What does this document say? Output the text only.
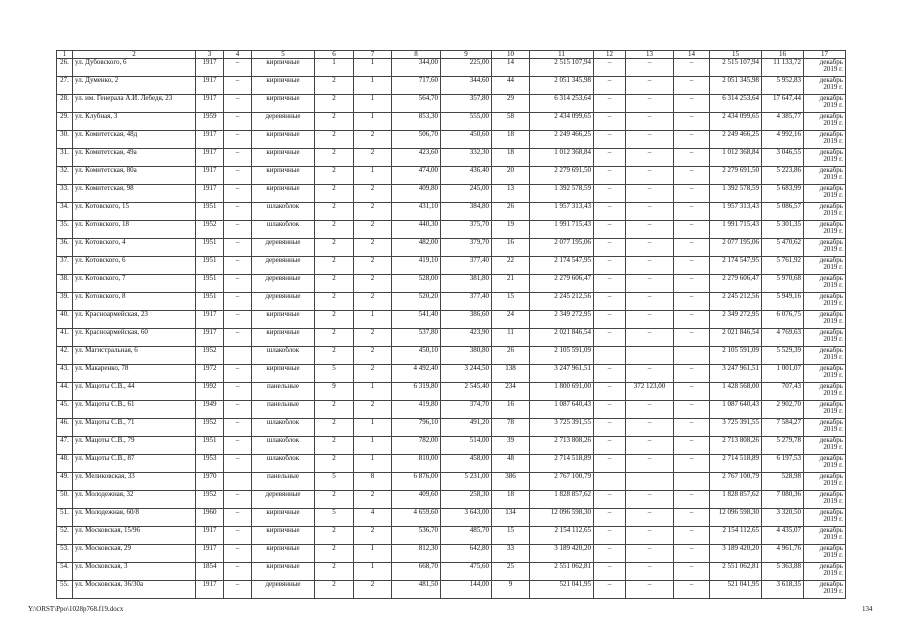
1	2	3	4	5	6	7	8	9	10	11	12	13	14	15	16	17
26.	ул. Дубовского, 6	1917	–	кирпичные	1	1	344,00	225,00	14	2 515 107,94	–	–	–	2 515 107,94	11 133,72	декабрь 2019 г.
27.	ул. Думенко, 2	1917	–	кирпичные	2	1	717,60	344,60	44	2 051 345,98	–	–	–	2 051 345,98	5 952,83	декабрь 2019 г.
28.	ул. им. Генерала А.И. Лебедя, 23	1917	–	кирпичные	2	1	564,70	357,80	29	6 314 253,64	–	–	–	6 314 253,64	17 647,44	декабрь 2019 г.
29.	ул. Клубная, 3	1959	–	деревянные	2	1	853,30	555,00	58	2 434 099,65	–	–	–	2 434 099,65	4 385,77	декабрь 2019 г.
30.	ул. Комитетская, 48д	1917	–	кирпичные	2	2	506,70	450,60	18	2 249 466,25	–	–	–	2 249 466,25	4 992,16	декабрь 2019 г.
31.	ул. Комитетская, 49а	1917	–	кирпичные	2	2	423,60	332,30	18	1 012 368,84	–	–	–	1 012 368,84	3 046,55	декабрь 2019 г.
32.	ул. Комитетская, 80а	1917	–	кирпичные	2	1	474,00	436,40	20	2 279 691,50	–	–	–	2 279 691,50	5 223,86	декабрь 2019 г.
33.	ул. Комитетская, 98	1917	–	кирпичные	2	2	409,80	245,00	13	1 392 578,59	–	–	–	1 392 578,59	5 683,99	декабрь 2019 г.
34.	ул. Котовского, 15	1951	–	шлакоблок	2	2	431,10	384,80	26	1 957 313,43	–	–	–	1 957 313,43	5 086,57	декабрь 2019 г.
35.	ул. Котовского, 18	1952	–	шлакоблок	2	2	440,30	375,70	19	1 991 715,43	–	–	–	1 991 715,43	5 301,35	декабрь 2019 г.
36.	ул. Котовского, 4	1951	–	деревянные	2	2	482,00	379,70	16	2 077 195,06	–	–	–	2 077 195,06	5 470,62	декабрь 2019 г.
37.	ул. Котовского, 6	1951	–	деревянные	2	2	419,10	377,40	22	2 174 547,95	–	–	–	2 174 547,95	5 761,92	декабрь 2019 г.
38.	ул. Котовского, 7	1951	–	деревянные	2	2	528,00	381,80	21	2 279 606,47	–	–	–	2 279 606,47	5 970,68	декабрь 2019 г.
39.	ул. Котовского, 8	1951	–	деревянные	2	2	520,20	377,40	15	2 245 212,56	–	–	–	2 245 212,56	5 949,16	декабрь 2019 г.
40.	ул. Красноармейская, 23	1917	–	кирпичные	2	1	541,40	386,60	24	2 349 272,95	–	–	–	2 349 272,95	6 076,75	декабрь 2019 г.
41.	ул. Красноармейская, 60	1917	–	кирпичные	2	2	537,80	423,90	11	2 021 846,54	–	–	–	2 021 846,54	4 769,63	декабрь 2019 г.
42.	ул. Магистральная, 6	1952		шлакоблок	2	2	450,10	380,80	26	2 105 591,09				2 105 591,09	5 529,39	декабрь 2019 г.
43.	ул. Макаренко, 78	1972	–	кирпичные	5	2	4 492,40	3 244,50	138	3 247 961,51	–	–	–	3 247 961,51	1 001,07	декабрь 2019 г.
44.	ул. Мацоты С.В., 44	1992	–	панельные	9	1	6 319,80	2 545,40	234	1 800 691,00	–	372 123,00	–	1 428 568,00	707,43	декабрь 2019 г.
45.	ул. Мацоты С.В., 61	1949	–	панельные	2	2	419,80	374,70	16	1 087 640,43	–	–	–	1 087 640,43	2 902,70	декабрь 2019 г.
46.	ул. Мацоты С.В., 71	1952	–	шлакоблок	2	1	796,10	491,20	78	3 725 391,55	–	–	–	3 725 391,55	7 584,27	декабрь 2019 г.
47.	ул. Мацоты С.В., 79	1951	–	шлакоблок	2	1	782,00	514,00	39	2 713 808,26	–	–	–	2 713 808,26	5 279,78	декабрь 2019 г.
48.	ул. Мацоты С.В., 87	1953	–	шлакоблок	2	1	810,00	458,00	48	2 714 518,89	–	–	–	2 714 518,89	6 197,53	декабрь 2019 г.
49.	ул. Меликовская, 33	1970		панельные	5	8	6 876,00	5 231,00	386	2 767 100,79				2 767 100,79	528,98	декабрь 2019 г.
50.	ул. Молодежная, 32	1952	–	деревянные	2	2	409,60	258,30	18	1 828 857,62	–	–	–	1 828 857,62	7 080,36	декабрь 2019 г.
51.	ул. Молодежная, 60/8	1960	–	кирпичные	5	4	4 659,60	3 643,00	134	12 096 598,30	–	–	–	12 096 598,30	3 320,50	декабрь 2019 г.
52.	ул. Московская, 15/96	1917	–	кирпичные	2	2	536,70	485,70	15	2 154 112,65	–	–	–	2 154 112,65	4 435,07	декабрь 2019 г.
53.	ул. Московская, 29	1917	–	кирпичные	2	1	812,30	642,80	33	3 189 420,20	–	–	–	3 189 420,20	4 961,76	декабрь 2019 г.
54.	ул. Московская, 3	1854	–	кирпичные	2	1	668,70	475,60	25	2 551 062,81	–	–	–	2 551 062,81	5 363,88	декабрь 2019 г.
55.	ул. Московская, 36/30а	1917	–	деревянные	2	2	481,50	144,00	9	521 041,95	–	–	–	521 041,95	3 618,35	декабрь 2019 г.
Y:\ORST\Ppo\1028p768.f19.docx	134
